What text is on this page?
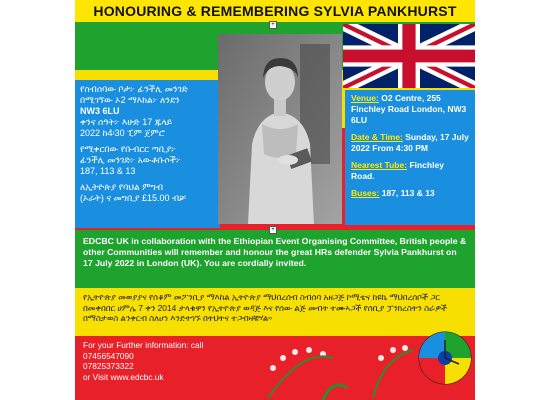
HONOURING & REMEMBERING SYLVIA PANKHURST

የስብሰባው ቦታ፦ ፊንችሊ መንገድ
በሚገኘው ኦ2 ማእከል፦ ለንደን
NW3 6LU
ቀንና ሰዓት፦ እሁድ 17 ጁላይ
2022 ከ4፡30 ፒም ጀምሮ

የሚቀርበው የቡብርር ጣቢያ፦
ፊንችሊ መንገድ፦ አውቶቡሶች፦
187, 113 & 13

ለኢትዮጵያ የባህል ምግብ
(ኦራት) ና መግቢያ £15.00 ብቻ

Venue: O2 Centre, 255 Finchley Road London, NW3 6LU

Date & Time: Sunday, 17 July 2022 From 4:30 PM

Nearest Tube: Finchley Road.

Buses: 187, 113 & 13

EDCBC UK in collaboration with the Ethiopian Event Organising Committee, British people & other Communities will remember and honour the great HRs defender Sylvia Pankhurst on 17 July 2022 in London (UK). You are cordially invited.
የኢትዮጵያ መወያያና የሰቆም መፖንቢያ ማእከል ኢትዮጵያ ማህበረሰብ ስብሰባ አዘጋጅ ኮሚቴና ከዩኬ ማህበረሰቦች ጋር በመቀበበር ሀምሌ 7 ቀን 2014 ታላቁዋን የኢትዮጵያ ወዳጅ እና የሰው ልጅ መብት ተሙኣጋች የሰቢያ ፓንክረስትን ስራዎች በማስታወስ ልንቀርብ ስለሆነ እንድትገኙ በትህትና ተጋብዛቹሃል።
For your Further information: call
07456547090
07825373322
or Visit www.edcbc.uk
+
+
